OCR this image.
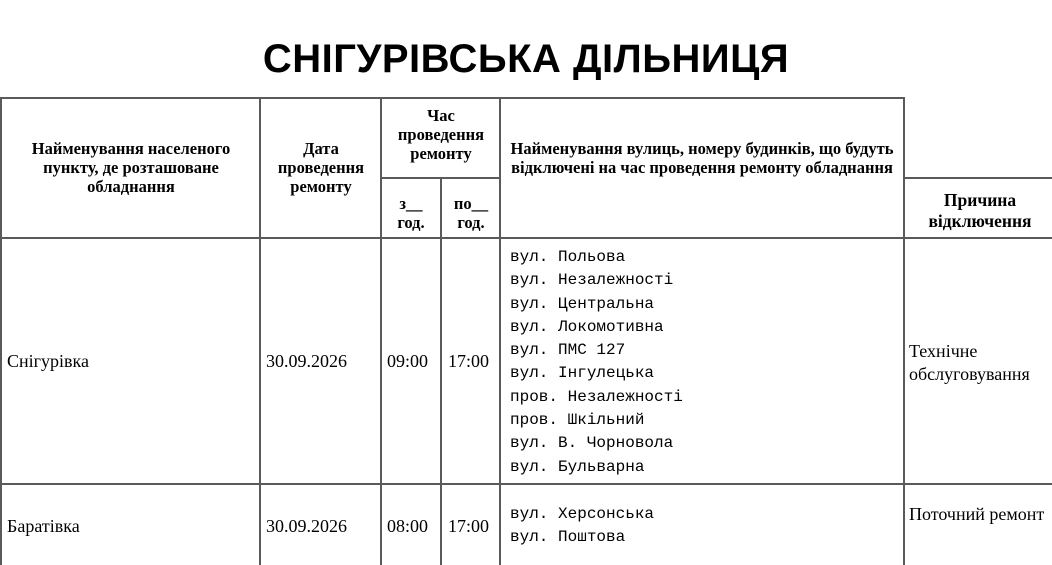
СНІГУРІВСЬКА ДІЛЬНИЦЯ
Найменування населеного пункту, де розташоване обладнання
Дата проведення ремонту
Час проведення ремонту
з__ год.
по__ год.
Найменування вулиць, номеру будинків, що будуть відключені на час проведення ремонту обладнання
Причина відключення
Снігурівка	30.09.2026 09:00 17:00
вул. Польова
вул. Незалежності
вул. Центральна
вул. Локомотивна
вул. ПМС 127
вул. Інгулецька
пров. Незалежності
пров. Шкільний
вул. В. Чорновола
вул. Бульварна
Технічне обслуговування
Баратівка	30.09.2026 08:00 17:00
вул. Херсонська
вул. Поштова
Поточний ремонт
